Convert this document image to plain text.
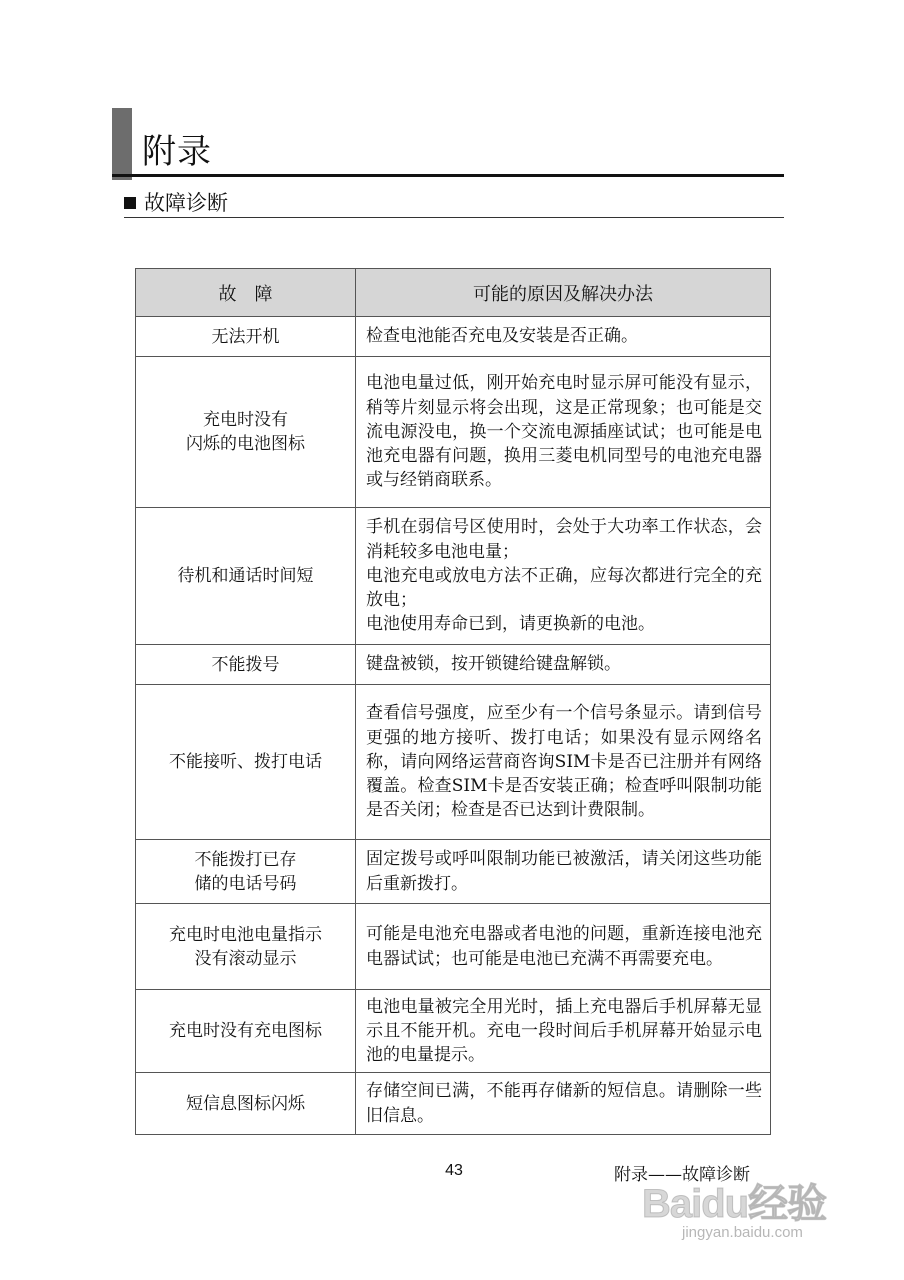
附录
故障诊断
故　障	可能的原因及解决办法
无法开机	检查电池能否充电及安装是否正确。
充电时没有
闪烁的电池图标	电池电量过低，刚开始充电时显示屏可能没有显示，稍等片刻显示将会出现，这是正常现象；也可能是交流电源没电，换一个交流电源插座试试；也可能是电池充电器有问题，换用三菱电机同型号的电池充电器或与经销商联系。
待机和通话时间短	手机在弱信号区使用时，会处于大功率工作状态，会消耗较多电池电量；
电池充电或放电方法不正确，应每次都进行完全的充放电；
电池使用寿命已到，请更换新的电池。
不能拨号	键盘被锁，按开锁键给键盘解锁。
不能接听、拨打电话	查看信号强度，应至少有一个信号条显示。请到信号更强的地方接听、拨打电话；如果没有显示网络名称，请向网络运营商咨询SIM卡是否已注册并有网络覆盖。检查SIM卡是否安装正确；检查呼叫限制功能是否关闭；检查是否已达到计费限制。
不能拨打已存
储的电话号码	固定拨号或呼叫限制功能已被激活，请关闭这些功能后重新拨打。
充电时电池电量指示
没有滚动显示	可能是电池充电器或者电池的问题，重新连接电池充电器试试；也可能是电池已充满不再需要充电。
充电时没有充电图标	电池电量被完全用光时，插上充电器后手机屏幕无显示且不能开机。充电一段时间后手机屏幕开始显示电池的电量提示。
短信息图标闪烁	存储空间已满，不能再存储新的短信息。请删除一些旧信息。
43	附录——故障诊断
Baidu经验
jingyan.baidu.com
